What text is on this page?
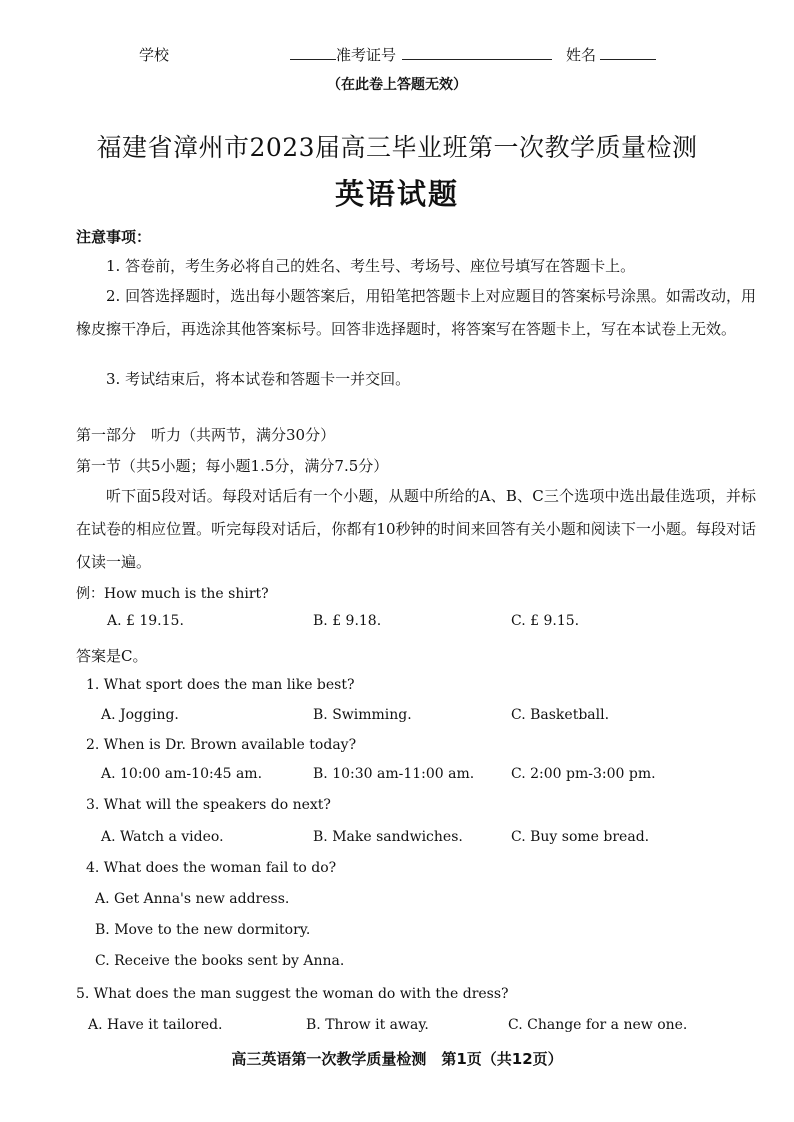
学校	准考证号	姓名
（在此卷上答题无效）
福建省漳州市2023届高三毕业班第一次教学质量检测
英语试题
注意事项：
1. 答卷前，考生务必将自己的姓名、考生号、考场号、座位号填写在答题卡上。
2. 回答选择题时，选出每小题答案后，用铅笔把答题卡上对应题目的答案标号涂黑。如需改动，用橡皮擦干净后，再选涂其他答案标号。回答非选择题时，将答案写在答题卡上，写在本试卷上无效。
3. 考试结束后，将本试卷和答题卡一并交回。
第一部分　听力（共两节，满分30分）
第一节（共5小题；每小题1.5分，满分7.5分）
听下面5段对话。每段对话后有一个小题，从题中所给的A、B、C三个选项中选出最佳选项，并标在试卷的相应位置。听完每段对话后，你都有10秒钟的时间来回答有关小题和阅读下一小题。每段对话仅读一遍。
例：How much is the shirt?
A. £ 19.15.	B. £ 9.18.	C. £ 9.15.
答案是C。
1. What sport does the man like best?
A. Jogging.	B. Swimming.	C. Basketball.
2. When is Dr. Brown available today?
A. 10:00 am-10:45 am.	B. 10:30 am-11:00 am.	C. 2:00 pm-3:00 pm.
3. What will the speakers do next?
A. Watch a video.	B. Make sandwiches.	C. Buy some bread.
4. What does the woman fail to do?
A. Get Anna's new address.
B. Move to the new dormitory.
C. Receive the books sent by Anna.
5. What does the man suggest the woman do with the dress?
A. Have it tailored.	B. Throw it away.	C. Change for a new one.
高三英语第一次教学质量检测　第1页（共12页）
